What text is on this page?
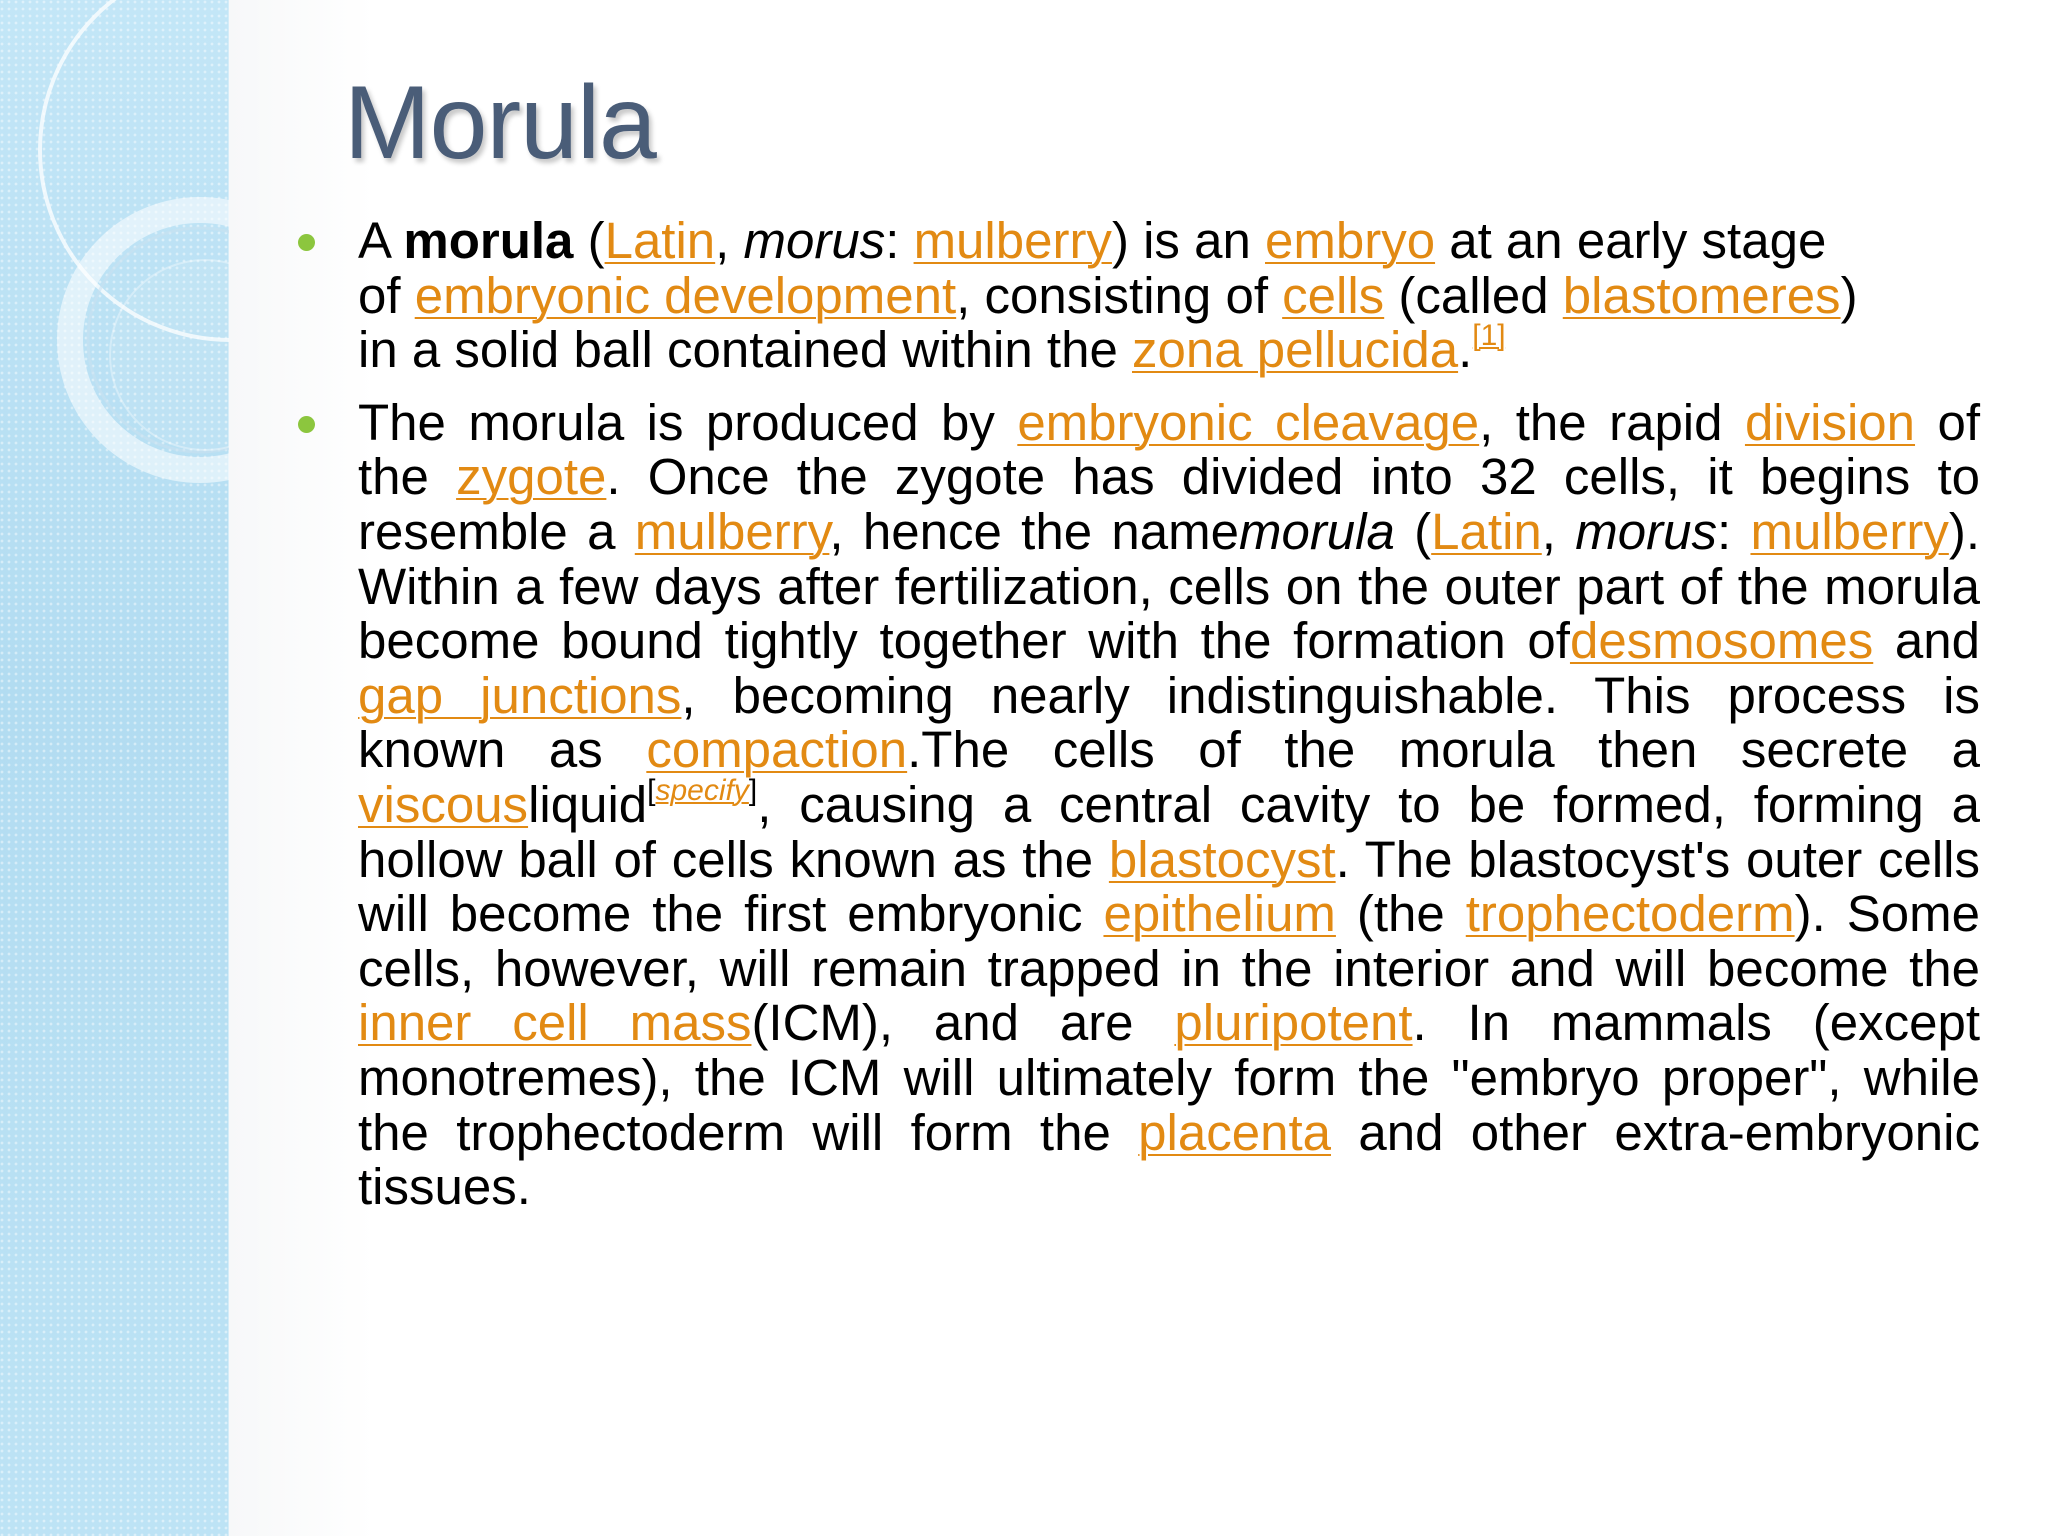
Morula
A morula (Latin, morus: mulberry) is an embryo at an early stage of embryonic development, consisting of cells (called blastomeres) in a solid ball contained within the zona pellucida.[1]
The morula is produced by embryonic cleavage, the rapid division of the zygote. Once the zygote has divided into 32 cells, it begins to resemble a mulberry, hence the namemorula (Latin, morus: mulberry). Within a few days after fertilization, cells on the outer part of the morula become bound tightly together with the formation ofdesmosomes and gap junctions, becoming nearly indistinguishable. This process is known as compaction.The cells of the morula then secrete a viscousliquid[specify], causing a central cavity to be formed, forming a hollow ball of cells known as the blastocyst. The blastocyst's outer cells will become the first embryonic epithelium (the trophectoderm). Some cells, however, will remain trapped in the interior and will become the inner cell mass(ICM), and are pluripotent. In mammals (except monotremes), the ICM will ultimately form the "embryo proper", while the trophectoderm will form the placenta and other extra-embryonic tissues.
